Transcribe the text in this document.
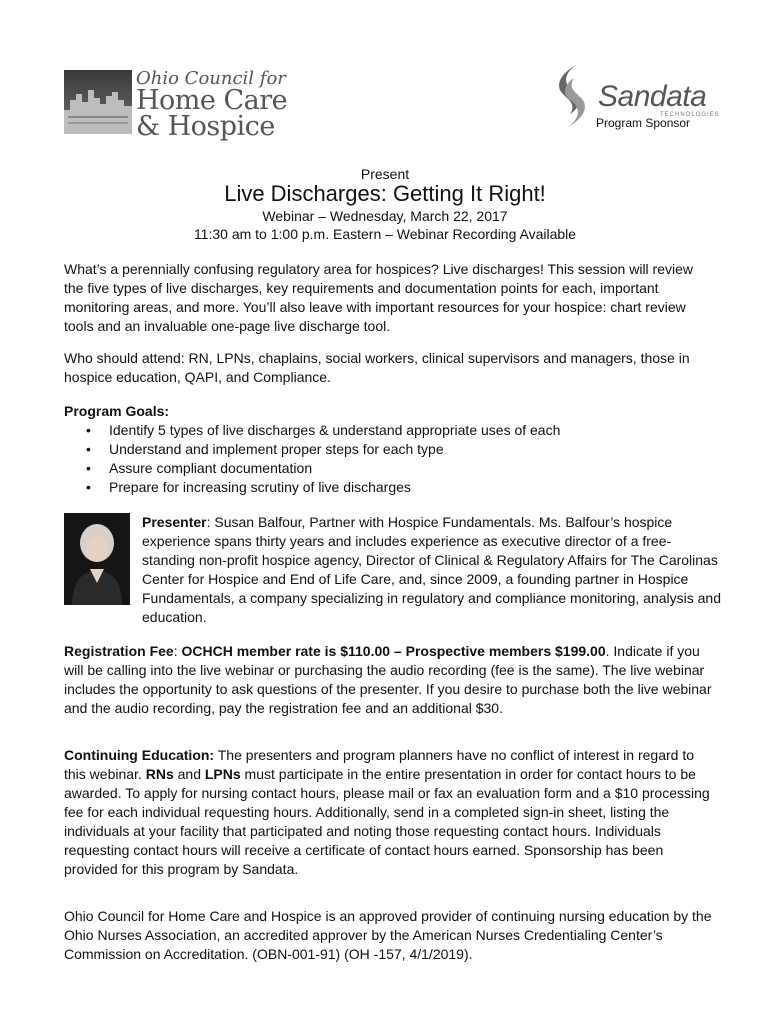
Ohio Council for
Home Care
& Hospice
Sandata
TECHNOLOGIES
Program Sponsor
Present
Live Discharges: Getting It Right!
Webinar – Wednesday, March 22, 2017
11:30 am to 1:00 p.m. Eastern – Webinar Recording Available

What’s a perennially confusing regulatory area for hospices? Live discharges! This session will review the five types of live discharges, key requirements and documentation points for each, important monitoring areas, and more. You’ll also leave with important resources for your hospice: chart review tools and an invaluable one-page live discharge tool.

Who should attend: RN, LPNs, chaplains, social workers, clinical supervisors and managers, those in hospice education, QAPI, and Compliance.

Program Goals:
• Identify 5 types of live discharges & understand appropriate uses of each
• Understand and implement proper steps for each type
• Assure compliant documentation
• Prepare for increasing scrutiny of live discharges

Presenter: Susan Balfour, Partner with Hospice Fundamentals. Ms. Balfour’s hospice experience spans thirty years and includes experience as executive director of a free-standing non-profit hospice agency, Director of Clinical & Regulatory Affairs for The Carolinas Center for Hospice and End of Life Care, and, since 2009, a founding partner in Hospice Fundamentals, a company specializing in regulatory and compliance monitoring, analysis and education.

Registration Fee: OCHCH member rate is $110.00 – Prospective members $199.00. Indicate if you will be calling into the live webinar or purchasing the audio recording (fee is the same). The live webinar includes the opportunity to ask questions of the presenter. If you desire to purchase both the live webinar and the audio recording, pay the registration fee and an additional $30.

Continuing Education: The presenters and program planners have no conflict of interest in regard to this webinar. RNs and LPNs must participate in the entire presentation in order for contact hours to be awarded. To apply for nursing contact hours, please mail or fax an evaluation form and a $10 processing fee for each individual requesting hours. Additionally, send in a completed sign-in sheet, listing the individuals at your facility that participated and noting those requesting contact hours. Individuals requesting contact hours will receive a certificate of contact hours earned. Sponsorship has been provided for this program by Sandata.

Ohio Council for Home Care and Hospice is an approved provider of continuing nursing education by the Ohio Nurses Association, an accredited approver by the American Nurses Credentialing Center’s Commission on Accreditation. (OBN-001-91) (OH -157, 4/1/2019).
